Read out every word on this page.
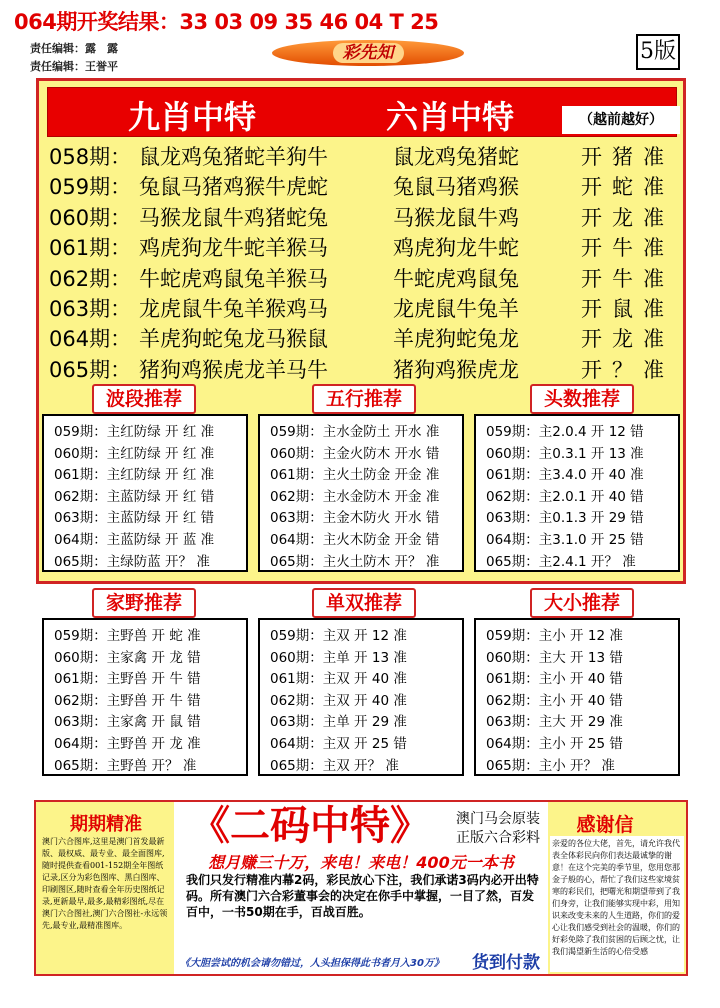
064期开奖结果：33 03 09 35 46 04 T 25
责任编辑：露　露
责任编辑：王誉平
彩先知	5版
九肖中特	六肖中特	（越前越好）
058期： 鼠龙鸡兔猪蛇羊狗牛	鼠龙鸡兔猪蛇	开猪准
059期： 兔鼠马猪鸡猴牛虎蛇	兔鼠马猪鸡猴	开蛇准
060期： 马猴龙鼠牛鸡猪蛇兔	马猴龙鼠牛鸡	开龙准
061期： 鸡虎狗龙牛蛇羊猴马	鸡虎狗龙牛蛇	开牛准
062期： 牛蛇虎鸡鼠兔羊猴马	牛蛇虎鸡鼠兔	开牛准
063期： 龙虎鼠牛兔羊猴鸡马	龙虎鼠牛兔羊	开鼠准
064期： 羊虎狗蛇兔龙马猴鼠	羊虎狗蛇兔龙	开龙准
065期： 猪狗鸡猴虎龙羊马牛	猪狗鸡猴虎龙	开？准
波段推荐	五行推荐	头数推荐
059期：主红防绿 开 红 准
060期：主红防绿 开 红 准
061期：主红防绿 开 红 准
062期：主蓝防绿 开 红 错
063期：主蓝防绿 开 红 错
064期：主蓝防绿 开 蓝 准
065期：主绿防蓝 开？ 准
059期：主水金防土 开水 准
060期：主金火防木 开水 错
061期：主火土防金 开金 准
062期：主水金防木 开金 准
063期：主金木防火 开水 错
064期：主火木防金 开金 错
065期：主火土防木 开？ 准
059期：主2.0.4 开 12 错
060期：主0.3.1 开 13 准
061期：主3.4.0 开 40 准
062期：主2.0.1 开 40 错
063期：主0.1.3 开 29 错
064期：主3.1.0 开 25 错
065期：主2.4.1 开？ 准
家野推荐	单双推荐	大小推荐
059期：主野兽 开 蛇 准
060期：主家禽 开 龙 错
061期：主野兽 开 牛 错
062期：主野兽 开 牛 错
063期：主家禽 开 鼠 错
064期：主野兽 开 龙 准
065期：主野兽 开？ 准
059期：主双 开 12 准
060期：主单 开 13 准
061期：主双 开 40 准
062期：主双 开 40 准
063期：主单 开 29 准
064期：主双 开 25 错
065期：主双 开？ 准
059期：主小 开 12 准
060期：主大 开 13 错
061期：主小 开 40 错
062期：主小 开 40 错
063期：主大 开 29 准
064期：主小 开 25 错
065期：主小 开？ 准
期期精准
澳门六合图库,这里是澳门首发最新版、最权威、最专业、最全面图库,随时提供查看001-152期全年图纸记录,区分为彩色图库、黑白图库、印刷图区,随时查看全年历史图纸记录,更新最早,最多,最精彩图纸,尽在澳门六合图社,澳门六合图社-永远领先,最专业,最精准图库。
《二码中特》	澳门马会原装
正版六合彩料
想月赚三十万，来电！来电！400元一本书
我们只发行精准内幕2码，彩民放心下注，我们承诺3码内必开出特码。所有澳门六合彩董事会的决定在你手中掌握，一目了然，百发百中，一书50期在手，百战百胜。
《大胆尝试的机会请勿错过，人头担保得此书者月入30万》 货到付款
感谢信
亲爱的各位大佬，首先，请允许我代表全体彩民向你们表达最诚挚的谢意！在这个完美的季节里，您用您那金子般的心，帮忙了我们这些家境贫寒的彩民们，把曙光和期望带到了我们身旁，让我们能够实现中彩，用知识来改变未来的人生道路，你们的爱心让我们感受到社会的温暖，你们的好彩免除了我们贫困的后顾之忧，让我们渴望新生活的心倍受感
